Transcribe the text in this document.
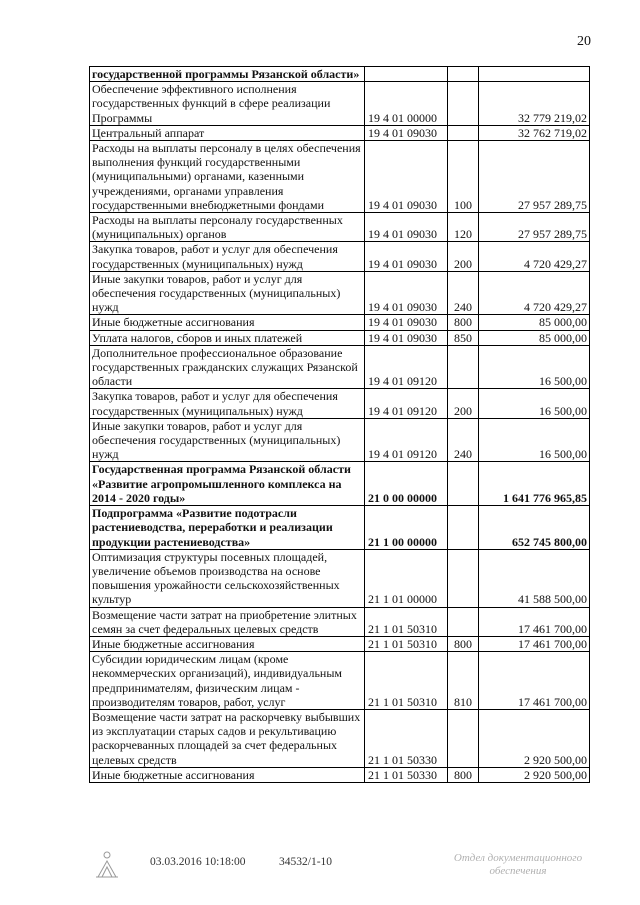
20
государственной программы Рязанской области»			
Обеспечение эффективного исполнения государственных функций в сфере реализации Программы	19 4 01 00000		32 779 219,02
Центральный аппарат	19 4 01 09030		32 762 719,02
Расходы на выплаты персоналу в целях обеспечения выполнения функций государственными (муниципальными) органами, казенными учреждениями, органами управления государственными внебюджетными фондами	19 4 01 09030	100	27 957 289,75
Расходы на выплаты персоналу государственных (муниципальных) органов	19 4 01 09030	120	27 957 289,75
Закупка товаров, работ и услуг для обеспечения государственных (муниципальных) нужд	19 4 01 09030	200	4 720 429,27
Иные закупки товаров, работ и услуг для обеспечения государственных (муниципальных) нужд	19 4 01 09030	240	4 720 429,27
Иные бюджетные ассигнования	19 4 01 09030	800	85 000,00
Уплата налогов, сборов и иных платежей	19 4 01 09030	850	85 000,00
Дополнительное профессиональное образование государственных гражданских служащих Рязанской области	19 4 01 09120		16 500,00
Закупка товаров, работ и услуг для обеспечения государственных (муниципальных) нужд	19 4 01 09120	200	16 500,00
Иные закупки товаров, работ и услуг для обеспечения государственных (муниципальных) нужд	19 4 01 09120	240	16 500,00
Государственная программа Рязанской области «Развитие агропромышленного комплекса на 2014 - 2020 годы»	21 0 00 00000		1 641 776 965,85
Подпрограмма «Развитие подотрасли растениеводства, переработки и реализации продукции растениеводства»	21 1 00 00000		652 745 800,00
Оптимизация структуры посевных площадей, увеличение объемов производства на основе повышения урожайности сельскохозяйственных культур	21 1 01 00000		41 588 500,00
Возмещение части затрат на приобретение элитных семян за счет федеральных целевых средств	21 1 01 50310		17 461 700,00
Иные бюджетные ассигнования	21 1 01 50310	800	17 461 700,00
Субсидии юридическим лицам (кроме некоммерческих организаций), индивидуальным предпринимателям, физическим лицам - производителям товаров, работ, услуг	21 1 01 50310	810	17 461 700,00
Возмещение части затрат на раскорчевку выбывших из эксплуатации старых садов и рекультивацию раскорчеванных площадей за счет федеральных целевых средств	21 1 01 50330		2 920 500,00
Иные бюджетные ассигнования	21 1 01 50330	800	2 920 500,00
03.03.2016 10:18:00	34532/1-10	Отдел документационного
обеспечения
